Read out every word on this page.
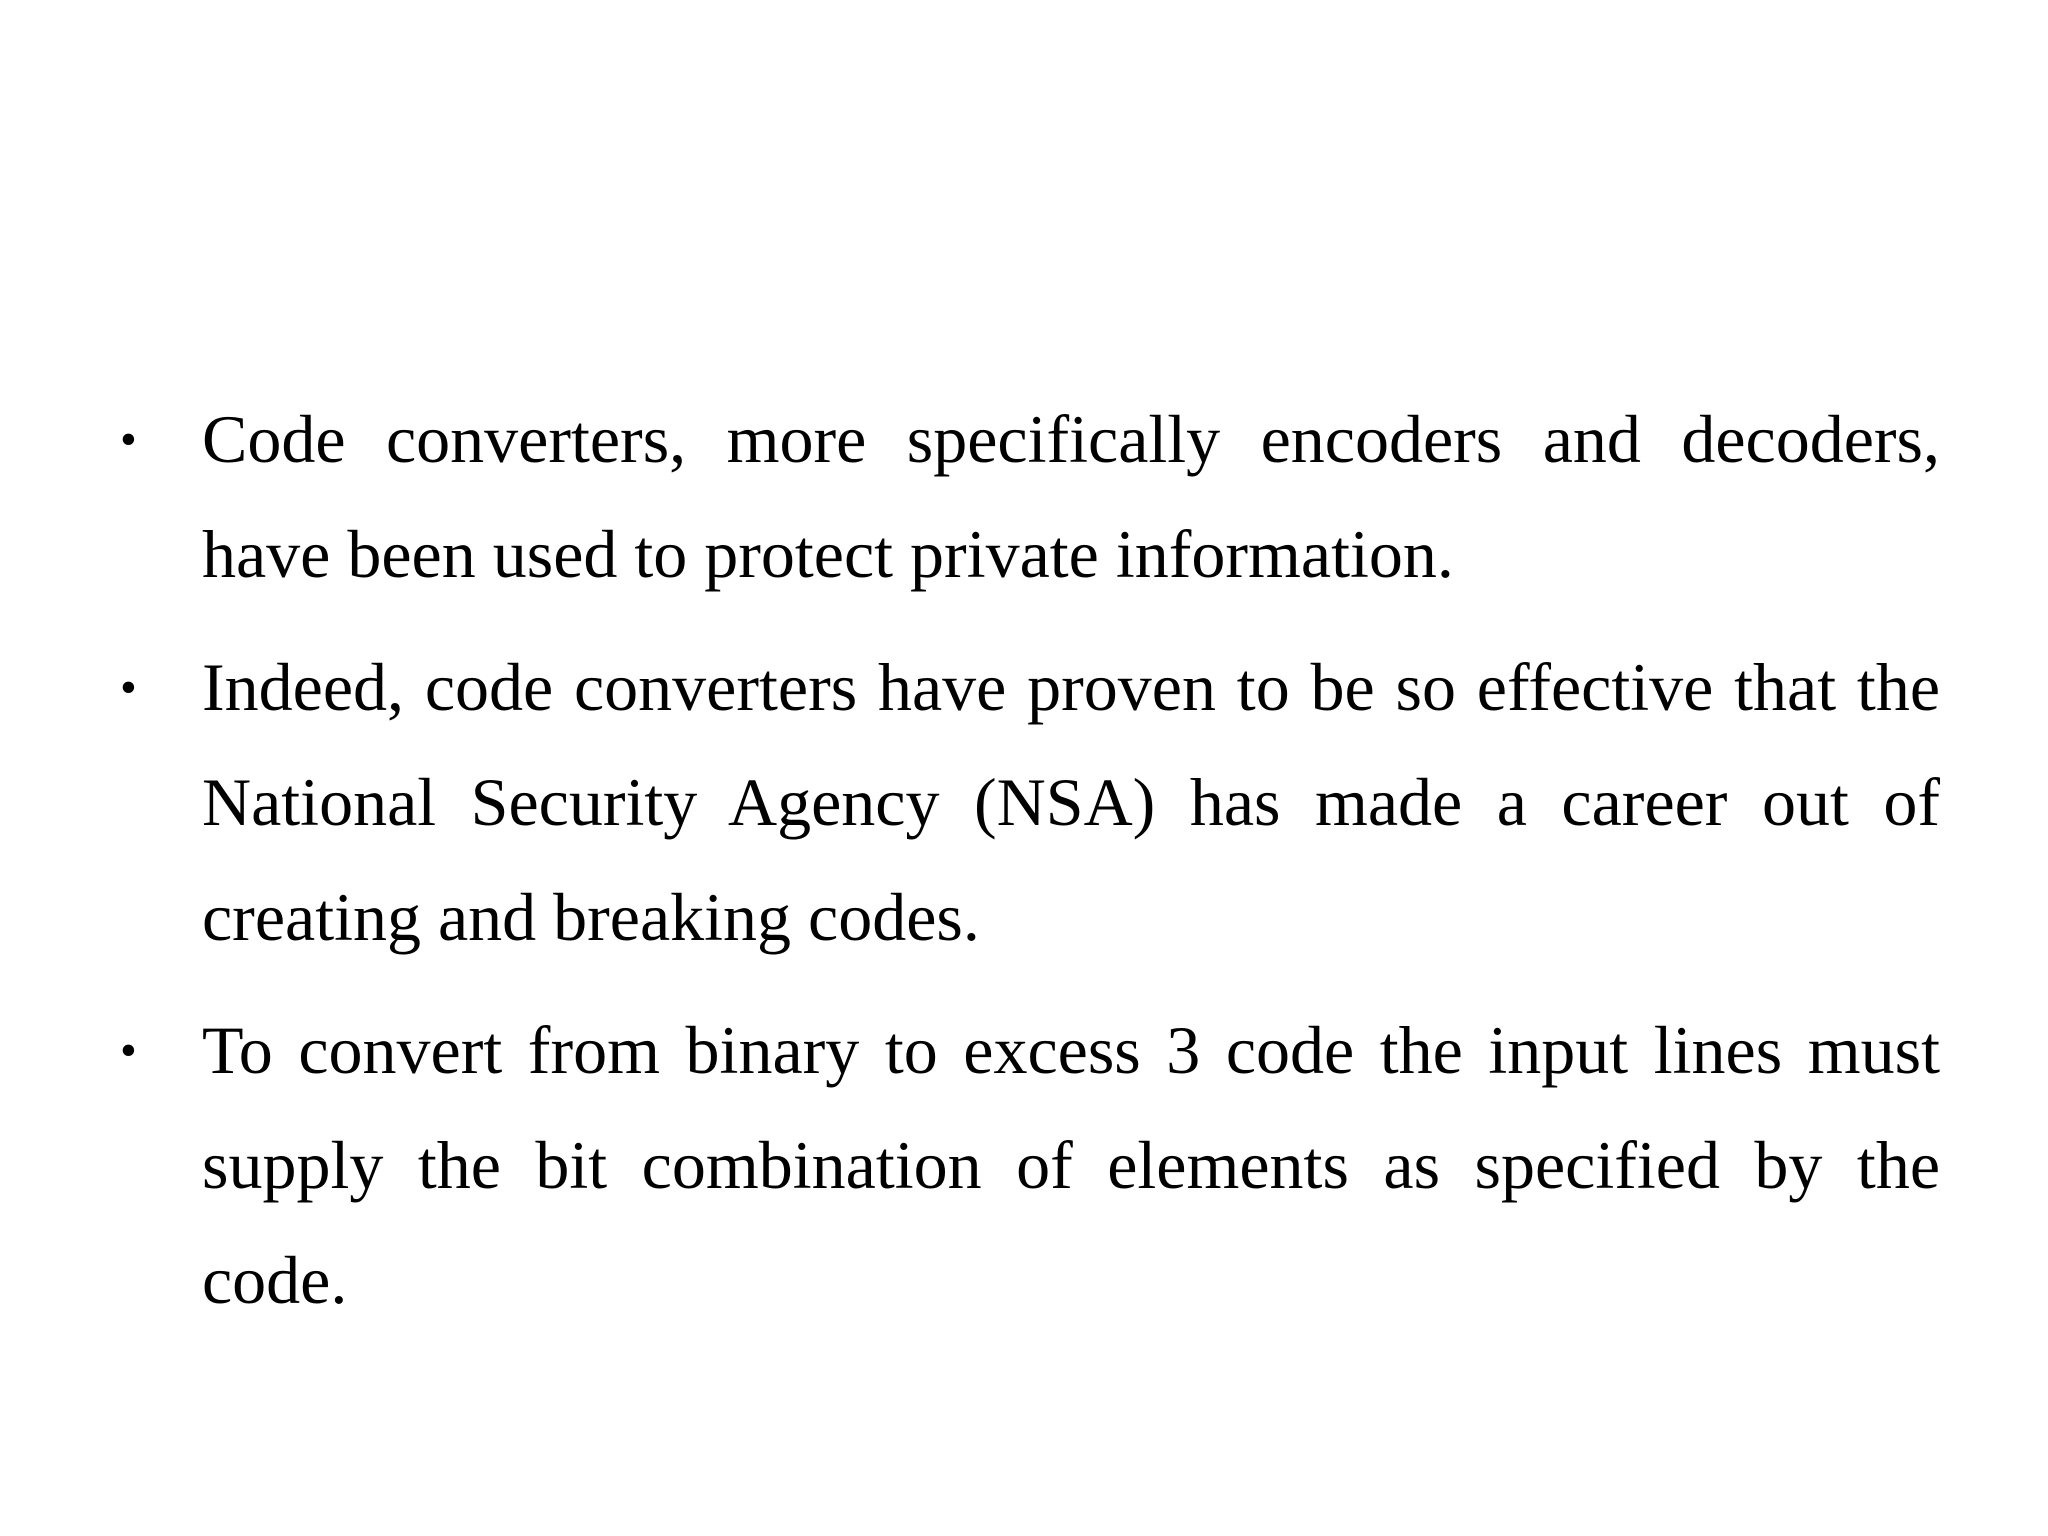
• Code converters, more specifically encoders and decoders, have been used to protect private information.
• Indeed, code converters have proven to be so effective that the National Security Agency (NSA) has made a career out of creating and breaking codes.
• To convert from binary to excess 3 code the input lines must supply the bit combination of elements as specified by the code.
